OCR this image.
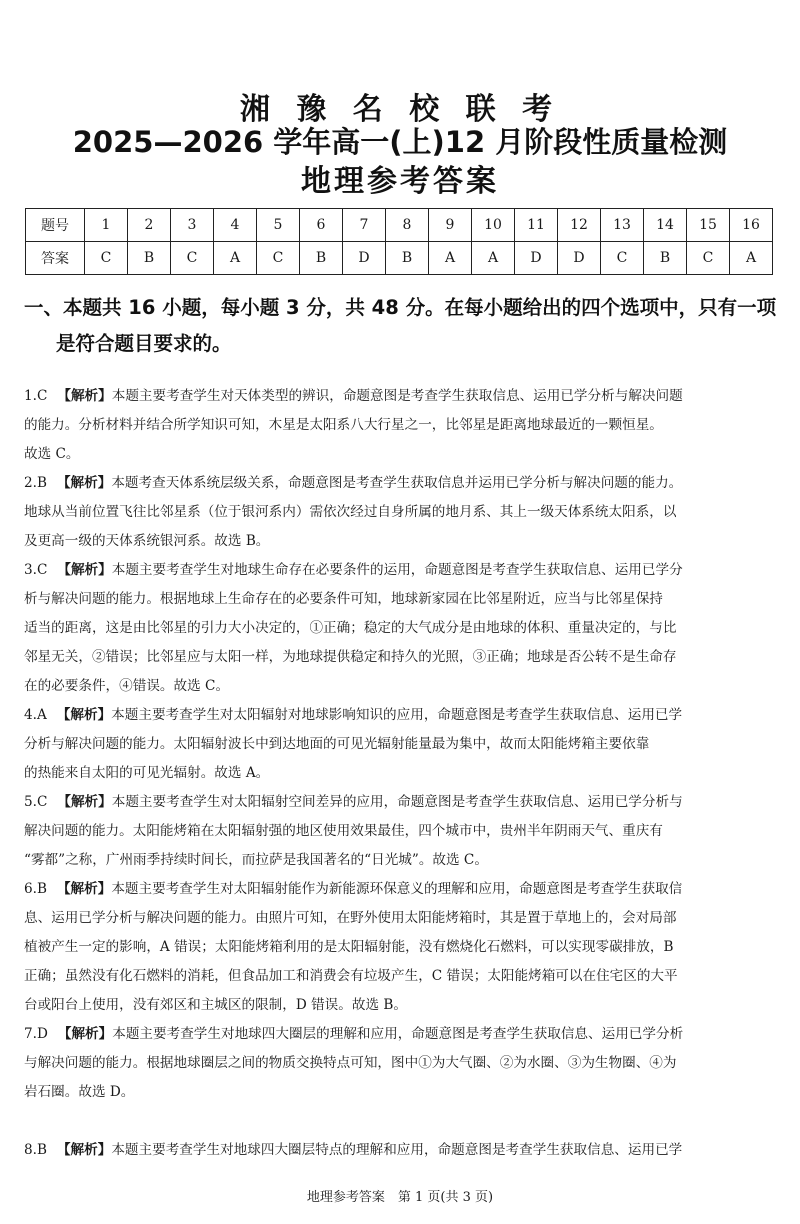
湘 豫 名 校 联 考
2025—2026 学年高一(上)12 月阶段性质量检测
地理参考答案
题号	1	2	3	4	5	6	7	8	9	10	11	12	13	14	15	16
答案	C	B	C	A	C	B	D	B	A	A	D	D	C	B	C	A
一、本题共 16 小题，每小题 3 分，共 48 分。在每小题给出的四个选项中，只有一项
是符合题目要求的。
1.C 【解析】本题主要考查学生对天体类型的辨识，命题意图是考查学生获取信息、运用已学分析与解决问题
的能力。分析材料并结合所学知识可知，木星是太阳系八大行星之一，比邻星是距离地球最近的一颗恒星。
故选 C。
2.B 【解析】本题考查天体系统层级关系，命题意图是考查学生获取信息并运用已学分析与解决问题的能力。
地球从当前位置飞往比邻星系（位于银河系内）需依次经过自身所属的地月系、其上一级天体系统太阳系，以
及更高一级的天体系统银河系。故选 B。
3.C 【解析】本题主要考查学生对地球生命存在必要条件的运用，命题意图是考查学生获取信息、运用已学分
析与解决问题的能力。根据地球上生命存在的必要条件可知，地球新家园在比邻星附近，应当与比邻星保持
适当的距离，这是由比邻星的引力大小决定的，①正确；稳定的大气成分是由地球的体积、重量决定的，与比
邻星无关，②错误；比邻星应与太阳一样，为地球提供稳定和持久的光照，③正确；地球是否公转不是生命存
在的必要条件，④错误。故选 C。
4.A 【解析】本题主要考查学生对太阳辐射对地球影响知识的应用，命题意图是考查学生获取信息、运用已学
分析与解决问题的能力。太阳辐射波长中到达地面的可见光辐射能量最为集中，故而太阳能烤箱主要依靠
的热能来自太阳的可见光辐射。故选 A。
5.C 【解析】本题主要考查学生对太阳辐射空间差异的应用，命题意图是考查学生获取信息、运用已学分析与
解决问题的能力。太阳能烤箱在太阳辐射强的地区使用效果最佳，四个城市中，贵州半年阴雨天气、重庆有
“雾都”之称，广州雨季持续时间长，而拉萨是我国著名的“日光城”。故选 C。
6.B 【解析】本题主要考查学生对太阳辐射能作为新能源环保意义的理解和应用，命题意图是考查学生获取信
息、运用已学分析与解决问题的能力。由照片可知，在野外使用太阳能烤箱时，其是置于草地上的，会对局部
植被产生一定的影响，A 错误；太阳能烤箱利用的是太阳辐射能，没有燃烧化石燃料，可以实现零碳排放，B
正确；虽然没有化石燃料的消耗，但食品加工和消费会有垃圾产生，C 错误；太阳能烤箱可以在住宅区的大平
台或阳台上使用，没有郊区和主城区的限制，D 错误。故选 B。
7.D 【解析】本题主要考查学生对地球四大圈层的理解和应用，命题意图是考查学生获取信息、运用已学分析
与解决问题的能力。根据地球圈层之间的物质交换特点可知，图中①为大气圈、②为水圈、③为生物圈、④为
岩石圈。故选 D。
8.B 【解析】本题主要考查学生对地球四大圈层特点的理解和应用，命题意图是考查学生获取信息、运用已学
地理参考答案　第 1 页(共 3 页)
